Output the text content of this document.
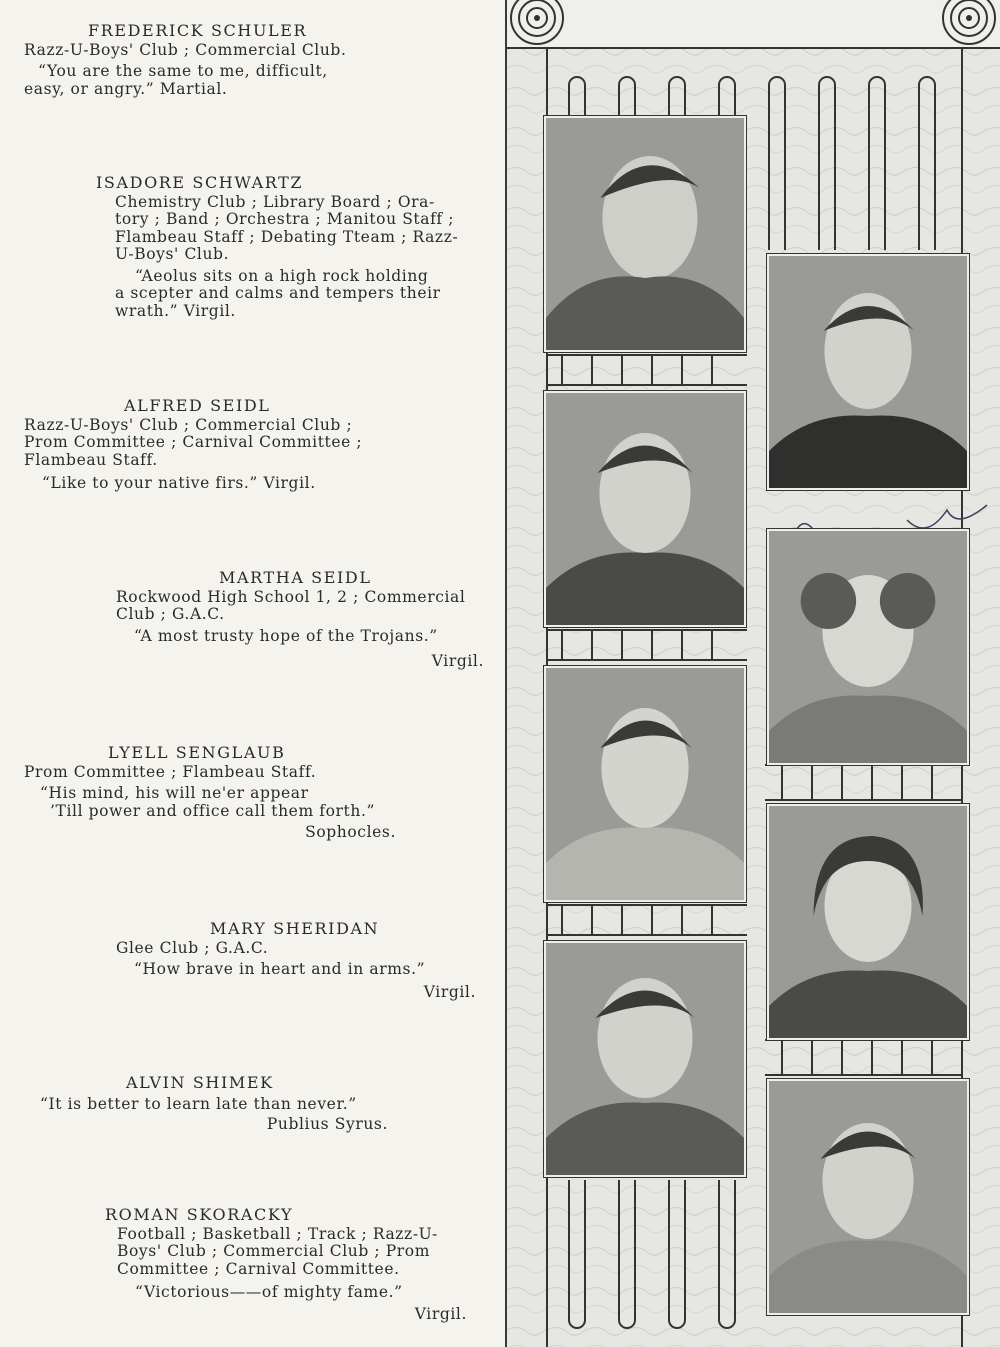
FREDERICK SCHULER
Razz-U-Boys' Club ; Commercial Club.
“You are the same to me, difficult,
easy, or angry.” Martial.
ISADORE SCHWARTZ
Chemistry Club ; Library Board ; Ora-
tory ; Band ; Orchestra ; Manitou Staff ;
Flambeau Staff ; Debating Tteam ; Razz-
U-Boys' Club.
“Aeolus sits on a high rock holding
a scepter and calms and tempers their
wrath.” Virgil.
ALFRED SEIDL
Razz-U-Boys' Club ; Commercial Club ;
Prom Committee ; Carnival Committee ;
Flambeau Staff.
“Like to your native firs.” Virgil.
MARTHA SEIDL
Rockwood High School 1, 2 ; Commercial
Club ; G.A.C.
“A most trusty hope of the Trojans.”
Virgil.
LYELL SENGLAUB
Prom Committee ; Flambeau Staff.
“His mind, his will ne'er appear
’Till power and office call them forth.”
Sophocles.
MARY SHERIDAN
Glee Club ; G.A.C.
“How brave in heart and in arms.”
Virgil.
ALVIN SHIMEK
“It is better to learn late than never.”
Publius Syrus.
ROMAN SKORACKY
Football ; Basketball ; Track ; Razz-U-
Boys' Club ; Commercial Club ; Prom
Committee ; Carnival Committee.
“Victorious——of mighty fame.”
Virgil.
